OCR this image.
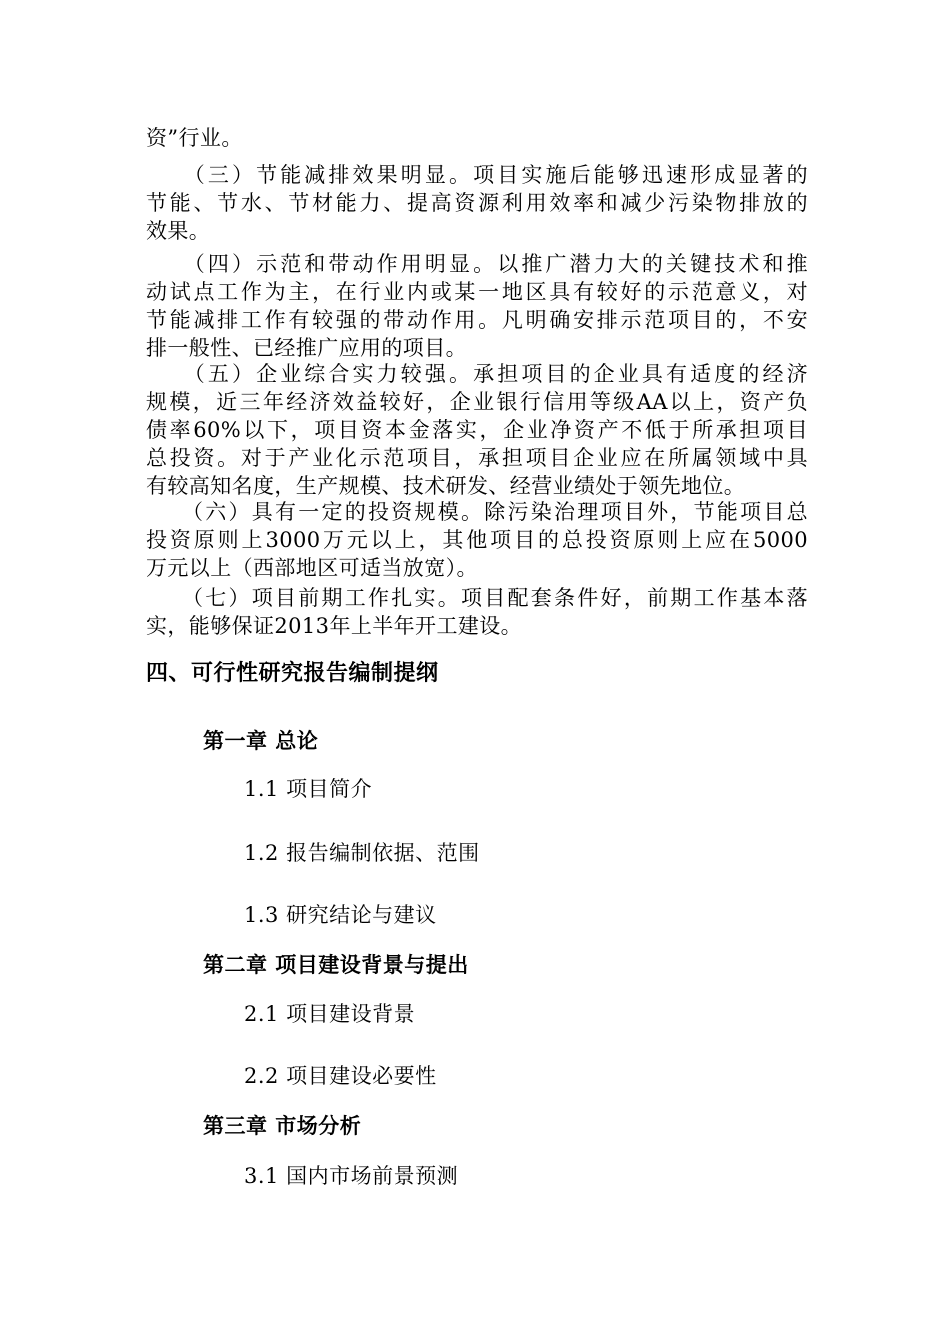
资”行业。

　　（三）节能减排效果明显。项目实施后能够迅速形成显著的
节能、节水、节材能力、提高资源利用效率和减少污染物排放的
效果。

　　（四）示范和带动作用明显。以推广潜力大的关键技术和推
动试点工作为主，在行业内或某一地区具有较好的示范意义，对
节能减排工作有较强的带动作用。凡明确安排示范项目的，不安
排一般性、已经推广应用的项目。

　　（五）企业综合实力较强。承担项目的企业具有适度的经济
规模，近三年经济效益较好，企业银行信用等级AA以上，资产负
债率60%以下，项目资本金落实，企业净资产不低于所承担项目
总投资。对于产业化示范项目，承担项目企业应在所属领域中具
有较高知名度，生产规模、技术研发、经营业绩处于领先地位。

　　（六）具有一定的投资规模。除污染治理项目外，节能项目总
投资原则上3000万元以上，其他项目的总投资原则上应在5000
万元以上（西部地区可适当放宽）。

　　（七）项目前期工作扎实。项目配套条件好，前期工作基本落
实，能够保证2013年上半年开工建设。

四、可行性研究报告编制提纲
第一章 总论

1.1 项目简介

1.2 报告编制依据、范围

1.3 研究结论与建议

第二章 项目建设背景与提出

2.1 项目建设背景

2.2 项目建设必要性

第三章 市场分析

3.1 国内市场前景预测
